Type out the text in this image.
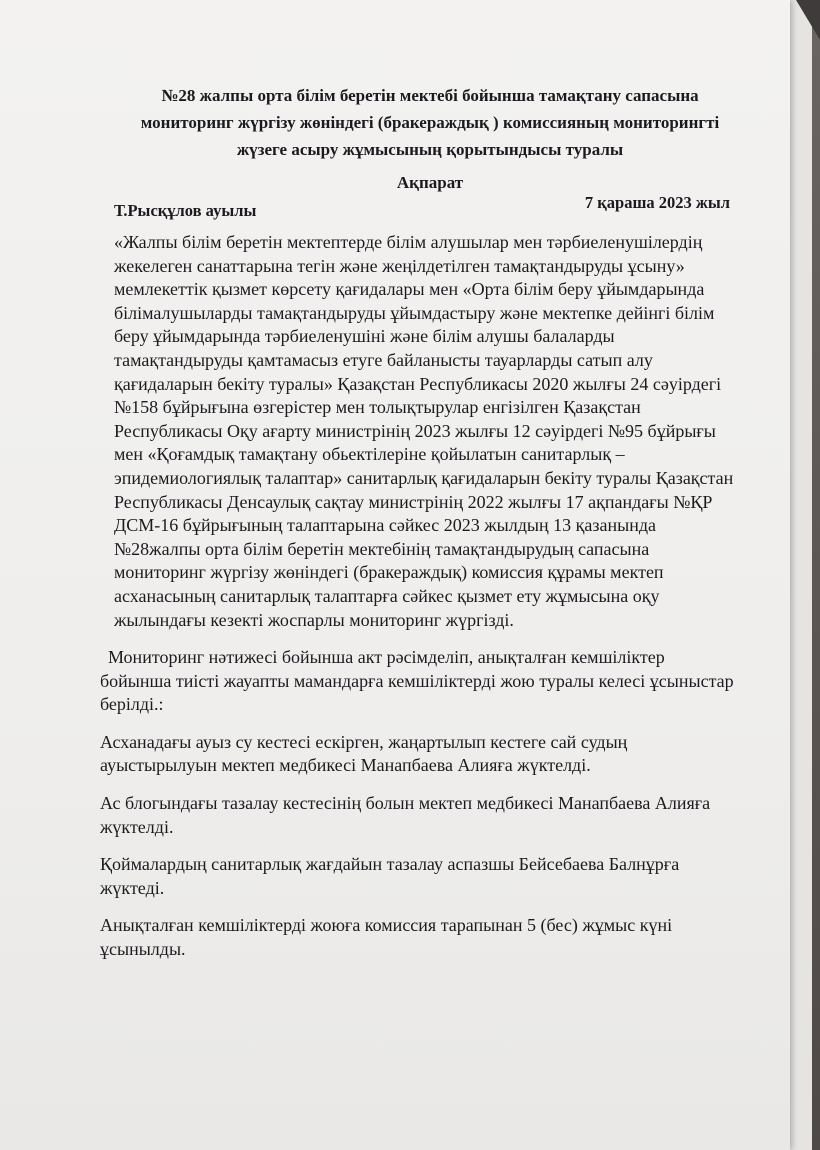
№28 жалпы орта білім беретін мектебі бойынша тамақтану сапасына мониторинг жүргізу жөніндегі (бракераждық ) комиссияның мониторингті жүзеге асыру жұмысының қорытындысы туралы

Ақпарат

Т.Рысқұлов ауылы	7 қараша 2023 жыл

«Жалпы білім беретін мектептерде білім алушылар мен тәрбиеленушілердің жекелеген санаттарына тегін және жеңілдетілген тамақтандыруды ұсыну» мемлекеттік қызмет көрсету қағидалары мен «Орта білім беру ұйымдарында білімалушыларды тамақтандыруды ұйымдастыру және мектепке дейінгі білім беру ұйымдарында тәрбиеленушіні және білім алушы балаларды тамақтандыруды қамтамасыз етуге байланысты тауарларды сатып алу қағидаларын бекіту туралы» Қазақстан Республикасы 2020 жылғы 24 сәуірдегі №158 бұйрығына өзгерістер мен толықтырулар енгізілген Қазақстан Республикасы Оқу ағарту министрінің 2023 жылғы 12 сәуірдегі №95 бұйрығы мен «Қоғамдық тамақтану обьектілеріне қойылатын санитарлық –эпидемиологиялық талаптар» санитарлық қағидаларын бекіту туралы Қазақстан Республикасы Денсаулық сақтау министрінің 2022 жылғы 17 ақпандағы №ҚР ДСМ-16 бұйрығының талаптарына сәйкес 2023 жылдың 13 қазанында №28жалпы орта білім беретін мектебінің тамақтандырудың сапасына мониторинг жүргізу жөніндегі (бракераждық) комиссия құрамы мектеп асханасының санитарлық талаптарға сәйкес қызмет ету жұмысына оқу жылындағы кезекті жоспарлы мониторинг жүргізді.

Мониторинг нәтижесі бойынша акт рәсімделіп, анықталған кемшіліктер бойынша тиісті жауапты мамандарға кемшіліктерді жою туралы келесі ұсыныстар берілді.:

Асханадағы ауыз су кестесі ескірген, жаңартылып кестеге сай судың ауыстырылуын мектеп медбикесі Манапбаева Алияға жүктелді.

Ас блогындағы тазалау кестесінің болын мектеп медбикесі Манапбаева Алияға жүктелді.

Қоймалардың санитарлық жағдайын тазалау аспазшы Бейсебаева Балнұрға жүктеді.

Анықталған кемшіліктерді жоюға комиссия тарапынан 5 (бес) жұмыс күні ұсынылды.
